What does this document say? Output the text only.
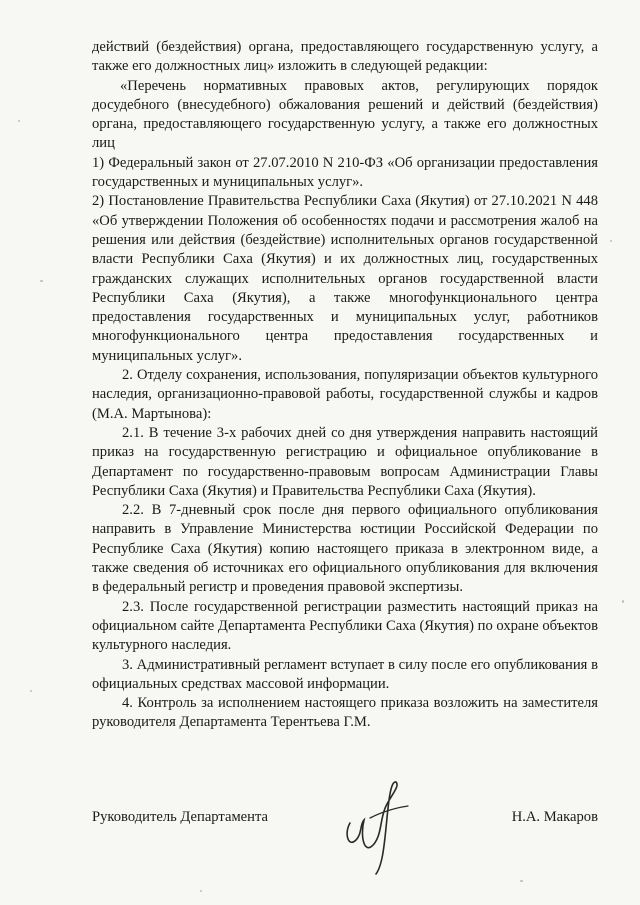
действий (бездействия) органа, предоставляющего государственную услугу, а также его должностных лиц» изложить в следующей редакции:

«Перечень нормативных правовых актов, регулирующих порядок досудебного (внесудебного) обжалования решений и действий (бездействия) органа, предоставляющего государственную услугу, а также его должностных лиц

1) Федеральный закон от 27.07.2010 N 210-ФЗ «Об организации предоставления государственных и муниципальных услуг».

2) Постановление Правительства Республики Саха (Якутия) от 27.10.2021 N 448 «Об утверждении Положения об особенностях подачи и рассмотрения жалоб на решения или действия (бездействие) исполнительных органов государственной власти Республики Саха (Якутия) и их должностных лиц, государственных гражданских служащих исполнительных органов государственной власти Республики Саха (Якутия), а также многофункционального центра предоставления государственных и муниципальных услуг, работников многофункционального центра предоставления государственных и муниципальных услуг».

2. Отделу сохранения, использования, популяризации объектов культурного наследия, организационно-правовой работы, государственной службы и кадров (М.А. Мартынова):

2.1. В течение 3-х рабочих дней со дня утверждения направить настоящий приказ на государственную регистрацию и официальное опубликование в Департамент по государственно-правовым вопросам Администрации Главы Республики Саха (Якутия) и Правительства Республики Саха (Якутия).

2.2. В 7-дневный срок после дня первого официального опубликования направить в Управление Министерства юстиции Российской Федерации по Республике Саха (Якутия) копию настоящего приказа в электронном виде, а также сведения об источниках его официального опубликования для включения в федеральный регистр и проведения правовой экспертизы.

2.3. После государственной регистрации разместить настоящий приказ на официальном сайте Департамента Республики Саха (Якутия) по охране объектов культурного наследия.

3. Административный регламент вступает в силу после его опубликования в официальных средствах массовой информации.

4. Контроль за исполнением настоящего приказа возложить на заместителя руководителя Департамента Терентьева Г.М.

Руководитель Департамента	Н.А. Макаров
